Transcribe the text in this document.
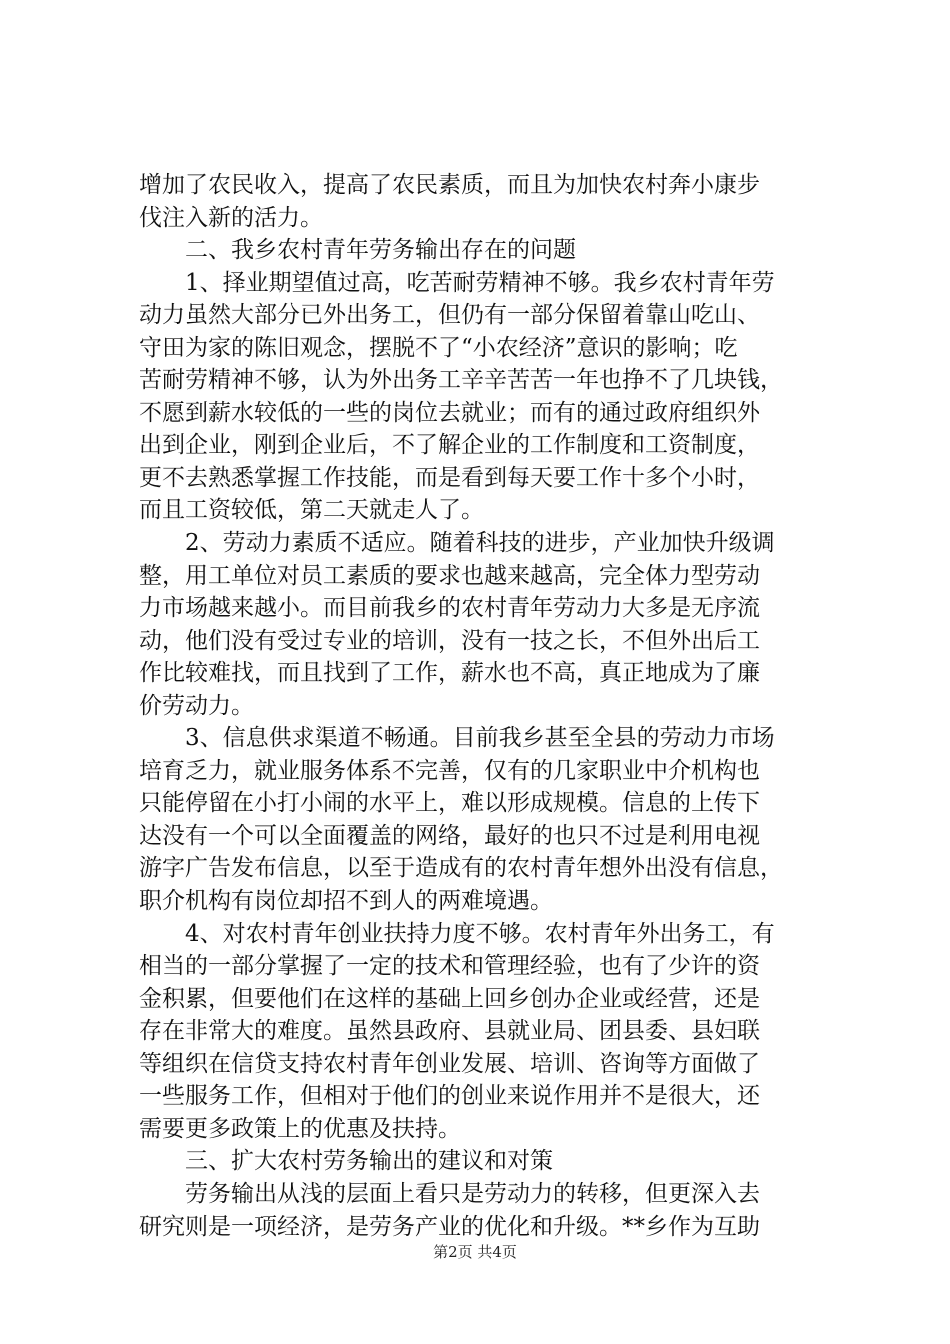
增加了农民收入，提高了农民素质，而且为加快农村奔小康步
伐注入新的活力。
二、我乡农村青年劳务输出存在的问题
1、择业期望值过高，吃苦耐劳精神不够。我乡农村青年劳
动力虽然大部分已外出务工，但仍有一部分保留着靠山吃山、
守田为家的陈旧观念，摆脱不了“小农经济”意识的影响；吃
苦耐劳精神不够，认为外出务工辛辛苦苦一年也挣不了几块钱，
不愿到薪水较低的一些的岗位去就业；而有的通过政府组织外
出到企业，刚到企业后，不了解企业的工作制度和工资制度，
更不去熟悉掌握工作技能，而是看到每天要工作十多个小时，
而且工资较低，第二天就走人了。
2、劳动力素质不适应。随着科技的进步，产业加快升级调
整，用工单位对员工素质的要求也越来越高，完全体力型劳动
力市场越来越小。而目前我乡的农村青年劳动力大多是无序流
动，他们没有受过专业的培训，没有一技之长，不但外出后工
作比较难找，而且找到了工作，薪水也不高，真正地成为了廉
价劳动力。
3、信息供求渠道不畅通。目前我乡甚至全县的劳动力市场
培育乏力，就业服务体系不完善，仅有的几家职业中介机构也
只能停留在小打小闹的水平上，难以形成规模。信息的上传下
达没有一个可以全面覆盖的网络，最好的也只不过是利用电视
游字广告发布信息，以至于造成有的农村青年想外出没有信息，
职介机构有岗位却招不到人的两难境遇。
4、对农村青年创业扶持力度不够。农村青年外出务工，有
相当的一部分掌握了一定的技术和管理经验，也有了少许的资
金积累，但要他们在这样的基础上回乡创办企业或经营，还是
存在非常大的难度。虽然县政府、县就业局、团县委、县妇联
等组织在信贷支持农村青年创业发展、培训、咨询等方面做了
一些服务工作，但相对于他们的创业来说作用并不是很大，还
需要更多政策上的优惠及扶持。
三、扩大农村劳务输出的建议和对策
劳务输出从浅的层面上看只是劳动力的转移，但更深入去
研究则是一项经济，是劳务产业的优化和升级。**乡作为互助
第2页 共4页
